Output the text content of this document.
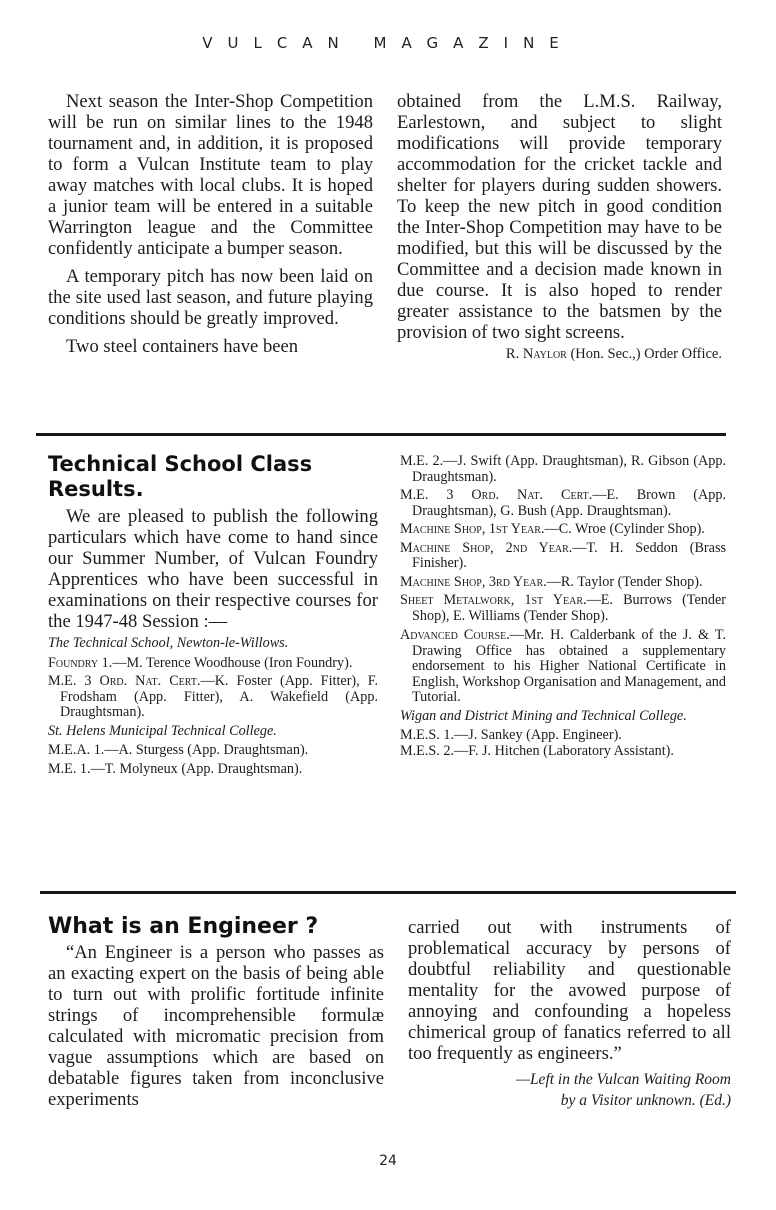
VULCAN MAGAZINE

Next season the Inter-Shop Competition will be run on similar lines to the 1948 tournament and, in addition, it is proposed to form a Vulcan Institute team to play away matches with local clubs. It is hoped a junior team will be entered in a suitable Warrington league and the Committee confidently anticipate a bumper season.

A temporary pitch has now been laid on the site used last season, and future playing conditions should be greatly improved.

Two steel containers have been

obtained from the L.M.S. Railway, Earlestown, and subject to slight modifications will provide temporary accommodation for the cricket tackle and shelter for players during sudden showers. To keep the new pitch in good condition the Inter-Shop Competition may have to be modified, but this will be discussed by the Committee and a decision made known in due course. It is also hoped to render greater assistance to the batsmen by the provision of two sight screens.

R. Naylor (Hon. Sec.,) Order Office.
Technical School Class Results.
We are pleased to publish the following particulars which have come to hand since our Summer Number, of Vulcan Foundry Apprentices who have been successful in examinations on their respective courses for the 1947-48 Session :—
The Technical School, Newton-le-Willows.
Foundry 1.—M. Terence Woodhouse (Iron Foundry).
M.E. 3 Ord. Nat. Cert.—K. Foster (App. Fitter), F. Frodsham (App. Fitter), A. Wakefield (App. Draughtsman).
St. Helens Municipal Technical College.
M.E.A. 1.—A. Sturgess (App. Draughtsman).
M.E. 1.—T. Molyneux (App. Draughtsman).
M.E. 2.—J. Swift (App. Draughtsman), R. Gibson (App. Draughtsman).
M.E. 3 Ord. Nat. Cert.—E. Brown (App. Draughtsman), G. Bush (App. Draughtsman).
Machine Shop, 1st Year.—C. Wroe (Cylinder Shop).
Machine Shop, 2nd Year.—T. H. Seddon (Brass Finisher).
Machine Shop, 3rd Year.—R. Taylor (Tender Shop).
Sheet Metalwork, 1st Year.—E. Burrows (Tender Shop), E. Williams (Tender Shop).
Advanced Course.—Mr. H. Calderbank of the J. & T. Drawing Office has obtained a supplementary endorsement to his Higher National Certificate in English, Workshop Organisation and Management, and Tutorial.
Wigan and District Mining and Technical College.
M.E.S. 1.—J. Sankey (App. Engineer).
M.E.S. 2.—F. J. Hitchen (Laboratory Assistant).
What is an Engineer ?

“An Engineer is a person who passes as an exacting expert on the basis of being able to turn out with prolific fortitude infinite strings of incomprehensible formulæ calculated with micromatic precision from vague assumptions which are based on debatable figures taken from inconclusive experiments

carried out with instruments of problematical accuracy by persons of doubtful reliability and questionable mentality for the avowed purpose of annoying and confounding a hopeless chimerical group of fanatics referred to all too frequently as engineers.”

—Left in the Vulcan Waiting Room
by a Visitor unknown. (Ed.)
24
